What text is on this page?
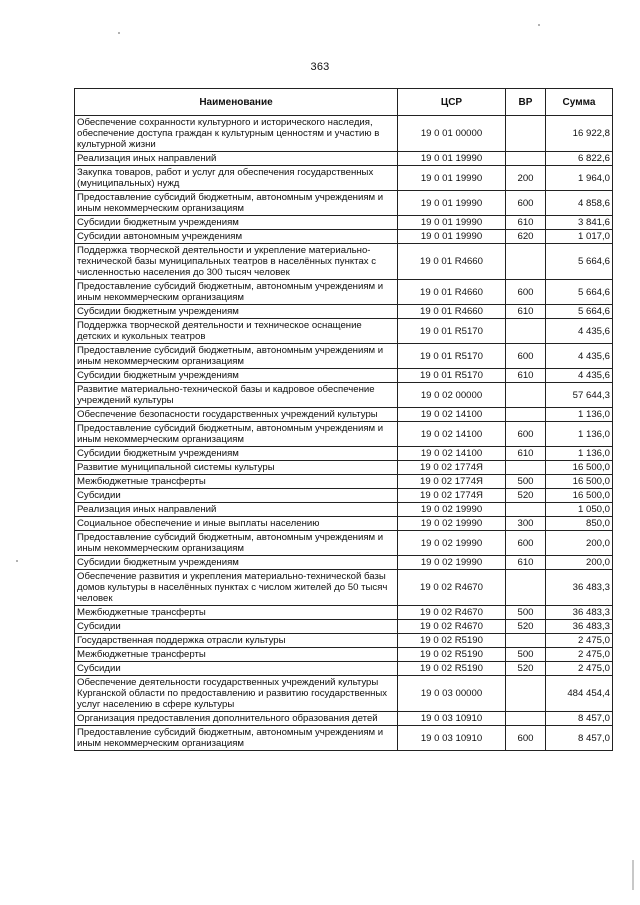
363
Наименование	ЦСР	ВР	Сумма
Обеспечение сохранности культурного и исторического наследия, обеспечение доступа граждан к культурным ценностям и участию в культурной жизни	19 0 01 00000		16 922,8
Реализация иных направлений	19 0 01 19990		6 822,6
Закупка товаров, работ и услуг для обеспечения государственных (муниципальных) нужд	19 0 01 19990	200	1 964,0
Предоставление субсидий бюджетным, автономным учреждениям и иным некоммерческим организациям	19 0 01 19990	600	4 858,6
Субсидии бюджетным учреждениям	19 0 01 19990	610	3 841,6
Субсидии автономным учреждениям	19 0 01 19990	620	1 017,0
Поддержка творческой деятельности и укрепление материально-технической базы муниципальных театров в населённых пунктах с численностью населения до 300 тысяч человек	19 0 01 R4660		5 664,6
Предоставление субсидий бюджетным, автономным учреждениям и иным некоммерческим организациям	19 0 01 R4660	600	5 664,6
Субсидии бюджетным учреждениям	19 0 01 R4660	610	5 664,6
Поддержка творческой деятельности и техническое оснащение детских и кукольных театров	19 0 01 R5170		4 435,6
Предоставление субсидий бюджетным, автономным учреждениям и иным некоммерческим организациям	19 0 01 R5170	600	4 435,6
Субсидии бюджетным учреждениям	19 0 01 R5170	610	4 435,6
Развитие материально-технической базы и кадровое обеспечение учреждений культуры	19 0 02 00000		57 644,3
Обеспечение безопасности государственных учреждений культуры	19 0 02 14100		1 136,0
Предоставление субсидий бюджетным, автономным учреждениям и иным некоммерческим организациям	19 0 02 14100	600	1 136,0
Субсидии бюджетным учреждениям	19 0 02 14100	610	1 136,0
Развитие муниципальной системы культуры	19 0 02 1774Я		16 500,0
Межбюджетные трансферты	19 0 02 1774Я	500	16 500,0
Субсидии	19 0 02 1774Я	520	16 500,0
Реализация иных направлений	19 0 02 19990		1 050,0
Социальное обеспечение и иные выплаты населению	19 0 02 19990	300	850,0
Предоставление субсидий бюджетным, автономным учреждениям и иным некоммерческим организациям	19 0 02 19990	600	200,0
Субсидии бюджетным учреждениям	19 0 02 19990	610	200,0
Обеспечение развития и укрепления материально-технической базы домов культуры в населённых пунктах с числом жителей до 50 тысяч человек	19 0 02 R4670		36 483,3
Межбюджетные трансферты	19 0 02 R4670	500	36 483,3
Субсидии	19 0 02 R4670	520	36 483,3
Государственная поддержка отрасли культуры	19 0 02 R5190		2 475,0
Межбюджетные трансферты	19 0 02 R5190	500	2 475,0
Субсидии	19 0 02 R5190	520	2 475,0
Обеспечение деятельности государственных учреждений культуры Курганской области по предоставлению и развитию государственных услуг населению в сфере культуры	19 0 03 00000		484 454,4
Организация предоставления дополнительного образования детей	19 0 03 10910		8 457,0
Предоставление субсидий бюджетным, автономным учреждениям и иным некоммерческим организациям	19 0 03 10910	600	8 457,0
